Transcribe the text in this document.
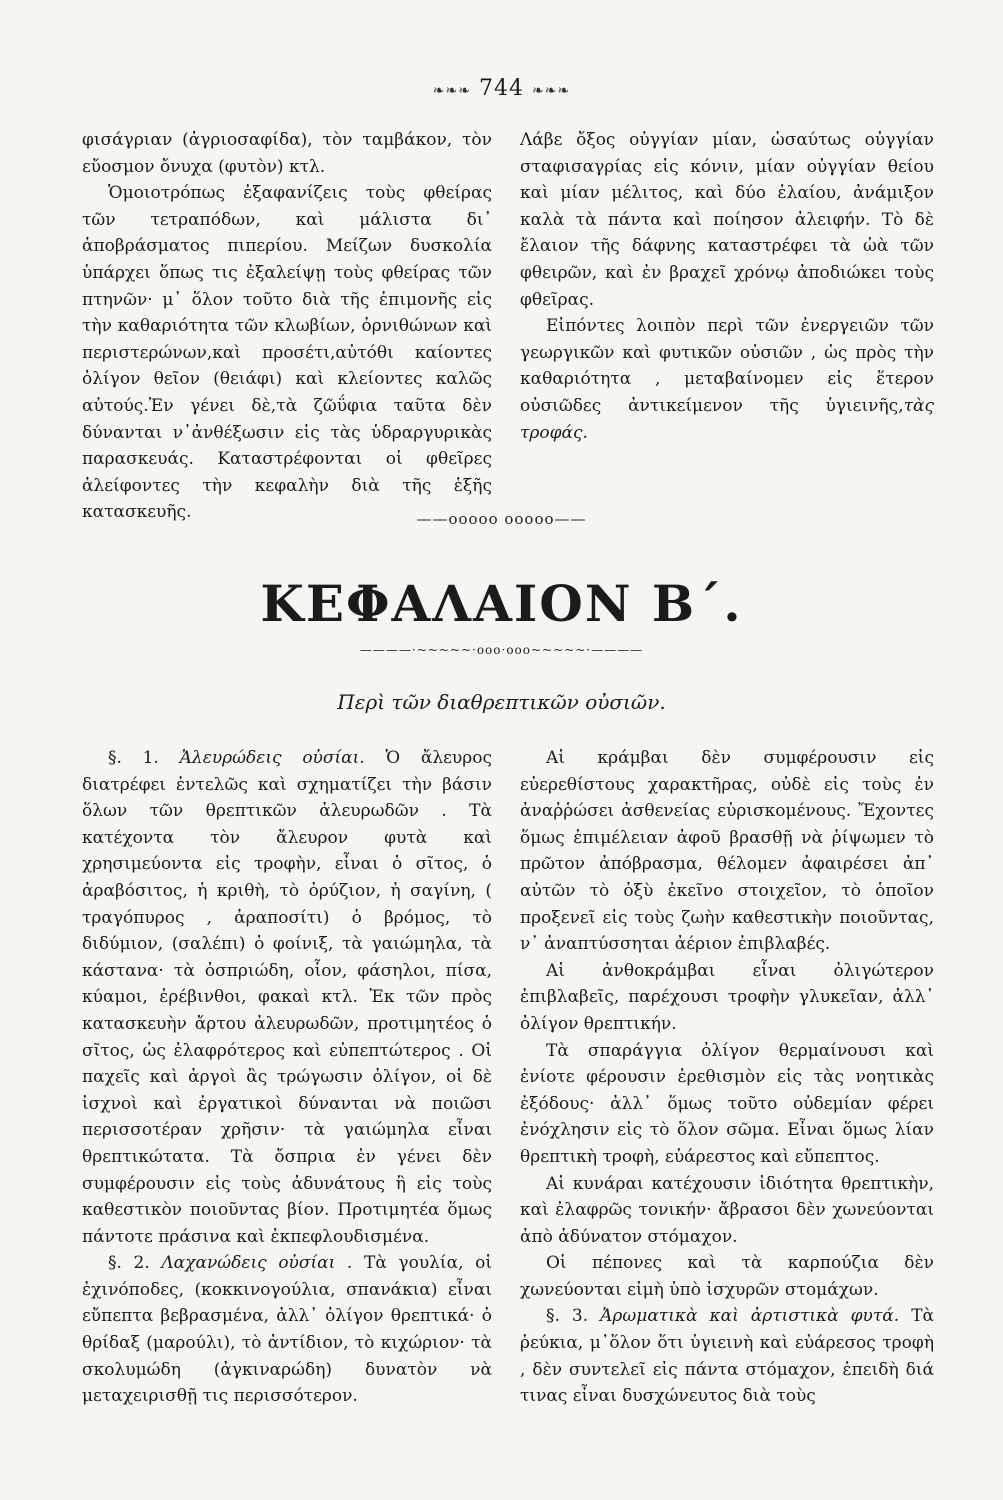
❧❧❧ 744 ❧❧❧

φισάγριαν (ἀγριοσαφίδα), τὸν ταμβάκον, τὸν εὔοσμον ὄνυχα (φυτὸν) κτλ.

Ὁμοιοτρόπως ἐξαφανίζεις τοὺς φθείρας τῶν τετραπόδων, καὶ μάλιστα δι᾽ ἀποβράσματος πιπερίου. Μείζων δυσκολία ὑπάρχει ὅπως τις ἐξαλείψῃ τοὺς φθείρας τῶν πτηνῶν· μ᾽ ὅλον τοῦτο διὰ τῆς ἐπιμονῆς εἰς τὴν καθαριότητα τῶν κλωβίων, ὀρνιθώνων καὶ περιστερώνων,καὶ προσέτι,αὐτόθι καίοντες ὀλίγον θεῖον (θειάφι) καὶ κλείοντες καλῶς αὐτούς.Ἐν γένει δὲ,τὰ ζῶΰφια ταῦτα δὲν δύνανται ν᾽ἀνθέξωσιν εἰς τὰς ὑδραργυρικὰς παρασκευάς. Καταστρέφονται οἱ φθεῖρες ἀλείφοντες τὴν κεφαλὴν διὰ τῆς ἑξῆς κατασκευῆς.

Λάβε ὄξος οὐγγίαν μίαν, ὡσαύτως οὐγγίαν σταφισαγρίας εἰς κόνιν, μίαν οὐγγίαν θείου καὶ μίαν μέλιτος, καὶ δύο ἐλαίου, ἀνάμιξον καλὰ τὰ πάντα καὶ ποίησον ἀλειφήν. Τὸ δὲ ἔλαιον τῆς δάφνης καταστρέφει τὰ ὠὰ τῶν φθειρῶν, καὶ ἐν βραχεῖ χρόνῳ ἀποδιώκει τοὺς φθεῖρας.

Εἰπόντες λοιπὸν περὶ τῶν ἐνεργειῶν τῶν γεωργικῶν καὶ φυτικῶν οὐσιῶν , ὡς πρὸς τὴν καθαριότητα , μεταβαίνομεν εἰς ἕτερον οὐσιῶδες ἀντικείμενον τῆς ὑγιεινῆς,τὰς τροφάς.

——ooooo ooooo——
ΚΕΦΑΛΑΙΟΝ Β΄.
————·~~~~~·ooo·ooo~~~~~·————
Περὶ τῶν διαθρεπτικῶν οὐσιῶν.

§. 1. Ἀλευρώδεις οὐσίαι. Ὁ ἄλευρος διατρέφει ἐντελῶς καὶ σχηματίζει τὴν βάσιν ὅλων τῶν θρεπτικῶν ἀλευρωδῶν . Τὰ κατέχοντα τὸν ἄλευρον φυτὰ καὶ χρησιμεύοντα εἰς τροφὴν, εἶναι ὁ σῖτος, ὁ ἀραβόσιτος, ἡ κριθὴ, τὸ ὀρύζιον, ἡ σαγίνη, ( τραγόπυρος , ἀραποσίτι) ὁ βρόμος, τὸ διδύμιον, (σαλέπι) ὁ φοίνιξ, τὰ γαιώμηλα, τὰ κάστανα· τὰ ὀσπριώδη, οἷον, φάσηλοι, πίσα, κύαμοι, ἐρέβινθοι, φακαὶ κτλ. Ἐκ τῶν πρὸς κατασκευὴν ἄρτου ἀλευρωδῶν, προτιμητέος ὁ σῖτος, ὡς ἐλαφρότερος καὶ εὐπεπτώτερος . Οἱ παχεῖς καὶ ἀργοὶ ἂς τρώγωσιν ὀλίγον, οἱ δὲ ἰσχνοὶ καὶ ἐργατικοὶ δύνανται νὰ ποιῶσι περισσοτέραν χρῆσιν· τὰ γαιώμηλα εἶναι θρεπτικώτατα. Τὰ ὄσπρια ἐν γένει δὲν συμφέρουσιν εἰς τοὺς ἀδυνάτους ἢ εἰς τοὺς καθεστικὸν ποιοῦντας βίον. Προτιμητέα ὅμως πάντοτε πράσινα καὶ ἐκπεφλουδισμένα.

§. 2. Λαχανώδεις οὐσίαι . Τὰ γουλία, οἱ ἐχινόποδες, (κοκκινογούλια, σπανάκια) εἶναι εὔπεπτα βεβρασμένα, ἀλλ᾽ ὀλίγον θρεπτικά· ὁ θρίδαξ (μαρούλι), τὸ ἀντίδιον, τὸ κιχώριον· τὰ σκολυμώδη (ἀγκιναρώδη) δυνατὸν νὰ μεταχειρισθῇ τις περισσότερον.

Αἱ κράμβαι δὲν συμφέρουσιν εἰς εὐερεθίστους χαρακτῆρας, οὐδὲ εἰς τοὺς ἐν ἀναῤῥώσει ἀσθενείας εὑρισκομένους. Ἔχοντες ὅμως ἐπιμέλειαν ἀφοῦ βρασθῇ νὰ ῥίψωμεν τὸ πρῶτον ἀπόβρασμα, θέλομεν ἀφαιρέσει ἀπ᾽ αὐτῶν τὸ ὀξὺ ἐκεῖνο στοιχεῖον, τὸ ὁποῖον προξενεῖ εἰς τοὺς ζωὴν καθεστικὴν ποιοῦντας, ν᾽ ἀναπτύσσηται ἀέριον ἐπιβλαβές.

Αἱ ἀνθοκράμβαι εἶναι ὀλιγώτερον ἐπιβλαβεῖς, παρέχουσι τροφὴν γλυκεῖαν, ἀλλ᾽ ὀλίγον θρεπτικήν.

Τὰ σπαράγγια ὀλίγον θερμαίνουσι καὶ ἐνίοτε φέρουσιν ἐρεθισμὸν εἰς τὰς νοητικὰς ἐξόδους· ἀλλ᾽ ὅμως τοῦτο οὐδεμίαν φέρει ἐνόχλησιν εἰς τὸ ὅλον σῶμα. Εἶναι ὅμως λίαν θρεπτικὴ τροφὴ, εὐάρεστος καὶ εὔπεπτος.

Αἱ κυνάραι κατέχουσιν ἰδιότητα θρεπτικὴν, καὶ ἐλαφρῶς τονικήν· ἄβρασοι δὲν χωνεύονται ἀπὸ ἀδύνατον στόμαχον.

Οἱ πέπονες καὶ τὰ καρπούζια δὲν χωνεύονται εἰμὴ ὑπὸ ἰσχυρῶν στομάχων.

§. 3. Ἀρωματικὰ καὶ ἀρτιστικὰ φυτά. Τὰ ῥεύκια, μ᾽ὅλον ὅτι ὑγιεινὴ καὶ εὐάρεσος τροφὴ , δὲν συντελεῖ εἰς πάντα στόμαχον, ἐπειδὴ διά τινας εἶναι δυσχώνευτος διὰ τοὺς
